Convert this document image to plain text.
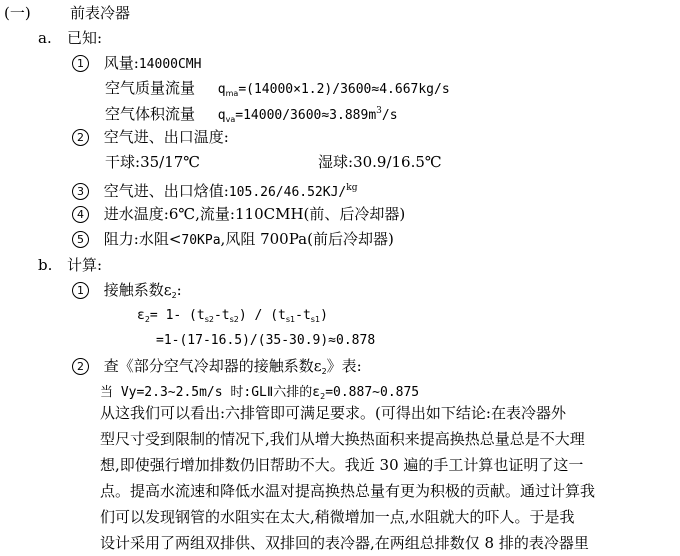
(一)	前表冷器
a. 已知:
1 风量:14000CMH
空气质量流量 $q_{ma}=(14000\times 1.2)/3600\approx 4.667kg/s$
空气体积流量 $q_{va}=14000/3600\approx 3.889m^3/s$
2 空气进、出口温度:
干球:35/17℃	湿球:30.9/16.5℃
3 空气进、出口焓值:105.26/46.52KJ/$^{kg}$
4 进水温度:6℃,流量:110CMH(前、后冷却器)
5 阻力:水阻<70KPa,风阻 700Pa(前后冷却器)
b. 计算:
1 接触系数$\varepsilon_2$:
$\varepsilon_2= 1-$ $(t_{s2}-t_{s2}) / (t_{s1}-t_{s1})$
=1-(17-16.5)/(35-30.9)≈0.878
2 查《部分空气冷却器的接触系数$\varepsilon_2$》表:
当 Vy=2.3~2.5m/s 时:GLⅡ六排的$\varepsilon_2=0.887\sim 0.875$
从这我们可以看出:六排管即可满足要求。(可得出如下结论:在表冷器外
型尺寸受到限制的情况下,我们从增大换热面积来提高换热总量总是不大理
想,即使强行增加排数仍旧帮助不大。我近 30 遍的手工计算也证明了这一
点。提高水流速和降低水温对提高换热总量有更为积极的贡献。通过计算我
们可以发现钢管的水阻实在太大,稍微增加一点,水阻就大的吓人。于是我
设计采用了两组双排供、双排回的表冷器,在两组总排数仅 8 排的表冷器里
